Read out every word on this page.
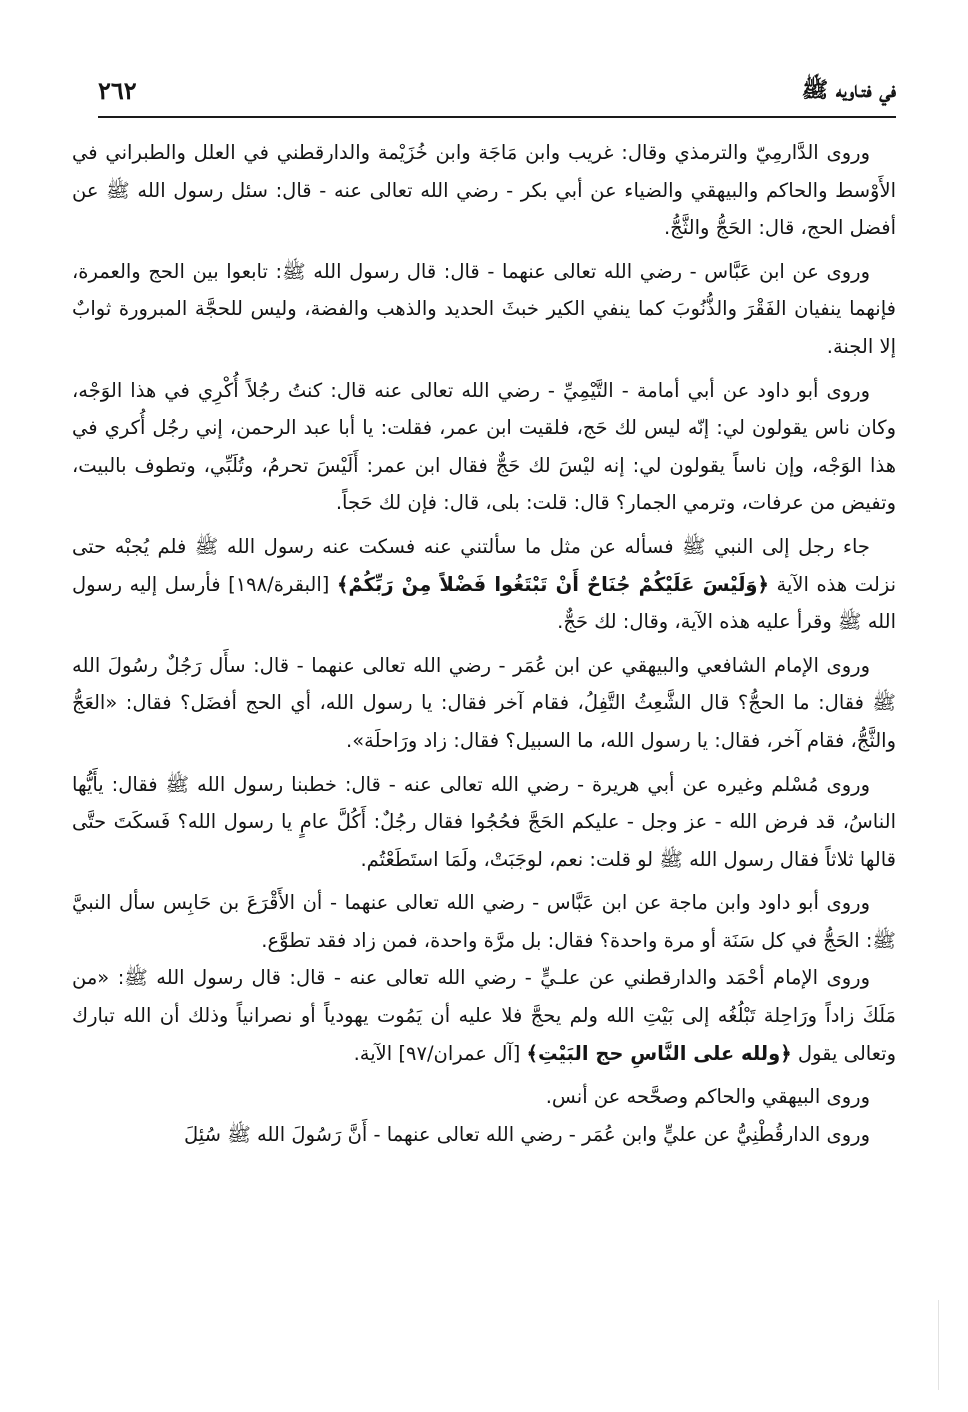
في فتـاويه ﷺ
٢٦٢

وروى الدَّارمِيّ والترمذي وقال: غريب وابن مَاجَة وابن خُزَيْمة والدارقطني في العلل والطبراني في الأَوْسط والحاكم والبيهقي والضياء عن أبي بكر - رضي الله تعالى عنه - قال: سئل رسول الله ﷺ عن أفضل الحج، قال: الحَجُّ والثَّجُّ.

وروى عن ابن عَبَّاس - رضي الله تعالى عنهما - قال: قال رسول الله ﷺ: تابعوا بين الحج والعمرة، فإنهما ينفيان الفَقْرَ والذُّنُوبَ كما ينفي الكير خبثَ الحديد والذهب والفضة، وليس للحجَّة المبرورة ثوابٌ إلا الجنة.

وروى أبو داود عن أبي أمامة - التَّيْمِيِّ - رضي الله تعالى عنه قال: كنتُ رجُلاً أُكْرِي في هذا الوَجْه، وكان ناس يقولون لي: إنّه ليس لك حَج، فلقيت ابن عمر، فقلت: يا أبا عبد الرحمن، إني رجُل أُكري في هذا الوَجْه، وإن ناساً يقولون لي: إنه ليْسَ لك حَجٌّ فقال ابن عمر: أَلَيْسَ تحرمُ، وتُلَبِّي، وتطوف بالبيت، وتفيض من عرفات، وترمي الجمار؟ قال: قلت: بلى، قال: فإن لك حَجاً.

جاء رجل إلى النبي ﷺ فسأله عن مثل ما سألتني عنه فسكت عنه رسول الله ﷺ فلم يُجبْه حتى نزلت هذه الآية ﴿وَلَيْسَ عَلَيْكُمْ جُنَاحٌ أَنْ تَبْتَغُوا فَضْلاً مِنْ رَبِّكُمْ﴾ [البقرة/١٩٨] فأرسل إليه رسول الله ﷺ وقرأ عليه هذه الآية، وقال: لك حَجٌّ.

وروى الإمام الشافعي والبيهقي عن ابن عُمَر - رضي الله تعالى عنهما - قال: سأَل رَجُلٌ رسُولَ الله ﷺ فقال: ما الحجُّ؟ قال الشَّعِثُ التَّفِلُ، فقام آخر فقال: يا رسول الله، أي الحج أفضَل؟ فقال: «العَجُّ والثَّجُّ، فقام آخر، فقال: يا رسول الله، ما السبيل؟ فقال: زاد ورَاحلَة».

وروى مُسْلم وغيره عن أبي هريرة - رضي الله تعالى عنه - قال: خطبنا رسول الله ﷺ فقال: يأَيُّها الناسُ، قد فرض الله - عز وجل - عليكم الحَجَّ فحُجُوا فقال رجُلٌ: أَكُلَّ عامٍ يا رسول الله؟ فَسكَتَ حتَّى قالها ثلاثاً فقال رسول الله ﷺ لو قلت: نعم، لوجَبَتْ، ولَمَا استَطَعْتُم.

وروى أبو داود وابن ماجة عن ابن عَبَّاس - رضي الله تعالى عنهما - أن الأَقْرَعَ بن حَابِس سأل النبيَّ ﷺ: الحَجُّ في كل سَنَة أو مرة واحدة؟ فقال: بل مرَّة واحدة، فمن زاد فقد تطوَّع.

وروى الإمام أحْمَد والدارقطني عن علـيٍّ - رضي الله تعالى عنه - قال: قال رسول الله ﷺ: «من مَلَكَ زاداً ورَاحِلة تَبْلُغُه إلى بَيْتِ الله ولم يحجَّ فلا عليه أن يَمُوت يهودياً أو نصرانياً وذلك أن الله تبارك وتعالى يقول ﴿ولله على النَّاسِ حج البَيْتِ﴾ [آل عمران/٩٧] الآية.

وروى البيهقي والحاكم وصحَّحه عن أنس.

وروى الدارقُطْنِيُّ عن عليٍّ وابن عُمَر - رضي الله تعالى عنهما - أَنَّ رَسُولَ الله ﷺ سُئِلَ
